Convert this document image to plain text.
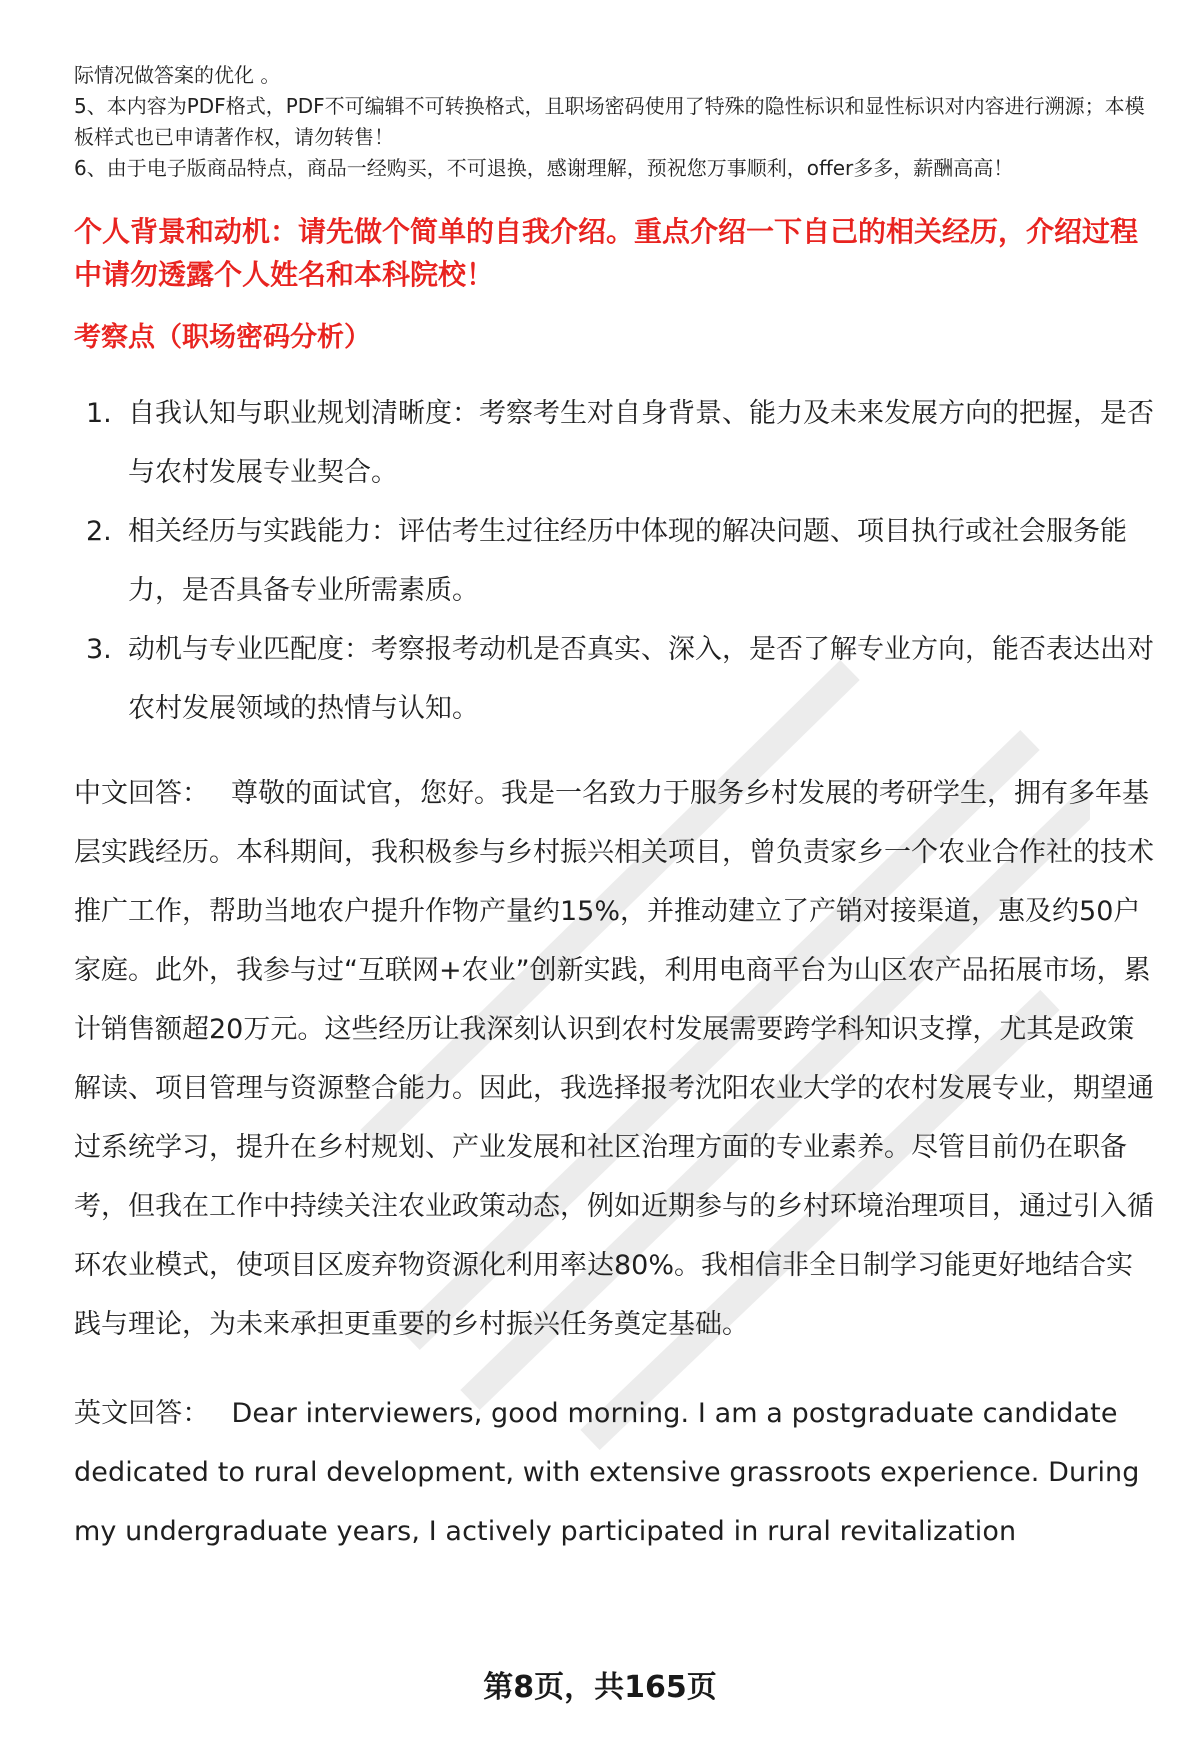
际情况做答案的优化 。

5、本内容为PDF格式，PDF不可编辑不可转换格式，且职场密码使用了特殊的隐性标识和显性标识对内容进行溯源；本模板样式也已申请著作权，请勿转售！

6、由于电子版商品特点，商品一经购买，不可退换，感谢理解，预祝您万事顺利，offer多多，薪酬高高！

个人背景和动机：请先做个简单的自我介绍。重点介绍一下自己的相关经历，介绍过程中请勿透露个人姓名和本科院校！
考察点（职场密码分析）
1. 自我认知与职业规划清晰度：考察考生对自身背景、能力及未来发展方向的把握，是否与农村发展专业契合。
2. 相关经历与实践能力：评估考生过往经历中体现的解决问题、项目执行或社会服务能力，是否具备专业所需素质。
3. 动机与专业匹配度：考察报考动机是否真实、深入，是否了解专业方向，能否表达出对农村发展领域的热情与认知。

中文回答： 尊敬的面试官，您好。我是一名致力于服务乡村发展的考研学生，拥有多年基层实践经历。本科期间，我积极参与乡村振兴相关项目，曾负责家乡一个农业合作社的技术推广工作，帮助当地农户提升作物产量约15%，并推动建立了产销对接渠道，惠及约50户家庭。此外，我参与过“互联网+农业”创新实践，利用电商平台为山区农产品拓展市场，累计销售额超20万元。这些经历让我深刻认识到农村发展需要跨学科知识支撑，尤其是政策解读、项目管理与资源整合能力。因此，我选择报考沈阳农业大学的农村发展专业，期望通过系统学习，提升在乡村规划、产业发展和社区治理方面的专业素养。尽管目前仍在职备考，但我在工作中持续关注农业政策动态，例如近期参与的乡村环境治理项目，通过引入循环农业模式，使项目区废弃物资源化利用率达80%。我相信非全日制学习能更好地结合实践与理论，为未来承担更重要的乡村振兴任务奠定基础。

英文回答： Dear interviewers, good morning. I am a postgraduate candidate dedicated to rural development, with extensive grassroots experience. During my undergraduate years, I actively participated in rural revitalization

第8页，共165页
